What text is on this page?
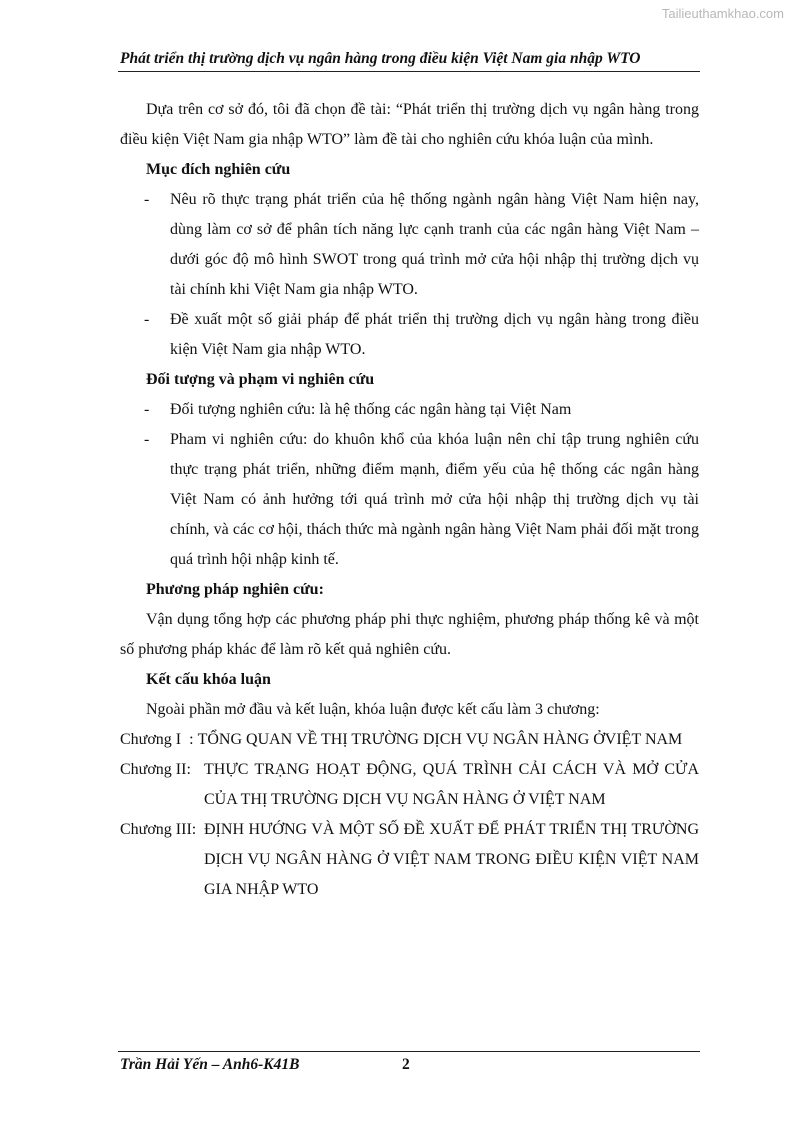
Tailieuthamkhao.com
Phát triển thị trường dịch vụ ngân hàng trong điều kiện Việt Nam gia nhập WTO

Dựa trên cơ sở đó, tôi đã chọn đề tài: “Phát triển thị trường dịch vụ ngân hàng trong điều kiện Việt Nam gia nhập WTO” làm đề tài cho nghiên cứu khóa luận của mình.

Mục đích nghiên cứu

- Nêu rõ thực trạng phát triển của hệ thống ngành ngân hàng Việt Nam hiện nay, dùng làm cơ sở để phân tích năng lực cạnh tranh của các ngân hàng Việt Nam – dưới góc độ mô hình SWOT trong quá trình mở cửa hội nhập thị trường dịch vụ tài chính khi Việt Nam gia nhập WTO.

- Đề xuất một số giải pháp để phát triển thị trường dịch vụ ngân hàng trong điều kiện Việt Nam gia nhập WTO.

Đối tượng và phạm vi nghiên cứu

- Đối tượng nghiên cứu: là hệ thống các ngân hàng tại Việt Nam

- Pham vi nghiên cứu: do khuôn khổ của khóa luận nên chỉ tập trung nghiên cứu thực trạng phát triển, những điểm mạnh, điểm yếu của hệ thống các ngân hàng Việt Nam có ảnh hưởng tới quá trình mở cửa hội nhập thị trường dịch vụ tài chính, và các cơ hội, thách thức mà ngành ngân hàng Việt Nam phải đối mặt trong quá trình hội nhập kinh tế.

Phương pháp nghiên cứu:

Vận dụng tổng hợp các phương pháp phi thực nghiệm, phương pháp thống kê và một số phương pháp khác để làm rõ kết quả nghiên cứu.

Kết cấu khóa luận

Ngoài phần mở đầu và kết luận, khóa luận được kết cấu làm 3 chương:

Chương I  : TỔNG QUAN VỀ THỊ TRƯỜNG DỊCH VỤ NGÂN HÀNG ỞVIỆT NAM
Chương II: THỰC TRẠNG HOẠT ĐỘNG, QUÁ TRÌNH CẢI CÁCH VÀ MỞ CỬA CỦA THỊ TRƯỜNG DỊCH VỤ NGÂN HÀNG Ở VIỆT NAM
Chương III: ĐỊNH HƯỚNG VÀ MỘT SỐ ĐỀ XUẤT ĐỂ PHÁT TRIỂN THỊ TRƯỜNG DỊCH VỤ NGÂN HÀNG Ở VIỆT NAM TRONG ĐIỀU KIỆN VIỆT NAM GIA NHẬP WTO
Trần Hải Yến – Anh6-K41B	2
